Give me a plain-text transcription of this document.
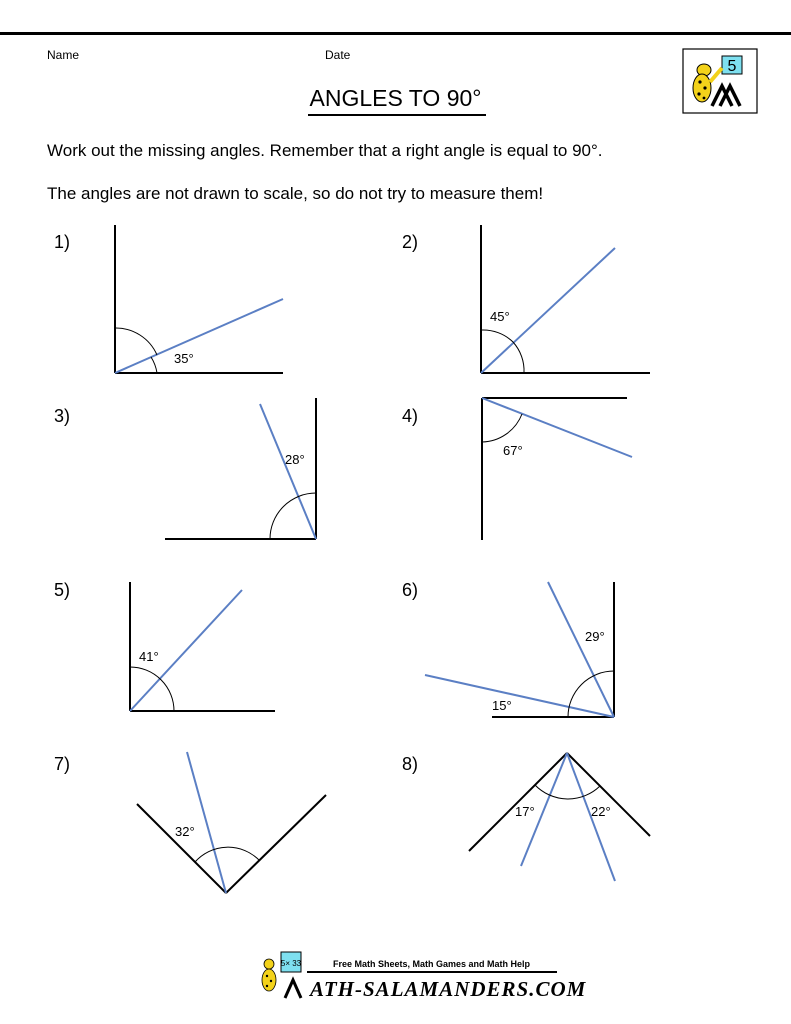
Name	Date
5
ANGLES TO 90°
Work out the missing angles. Remember that a right angle is equal to 90°.
The angles are not drawn to scale, so do not try to measure them!
1)	2)
3)	4)
5)	6)
7)	8)
35°
45°
28°
67°
41°
29°
15°
32°
17°	22°
5× 33	Free Math Sheets, Math Games and Math Help
ATH-SALAMANDERS.COM
